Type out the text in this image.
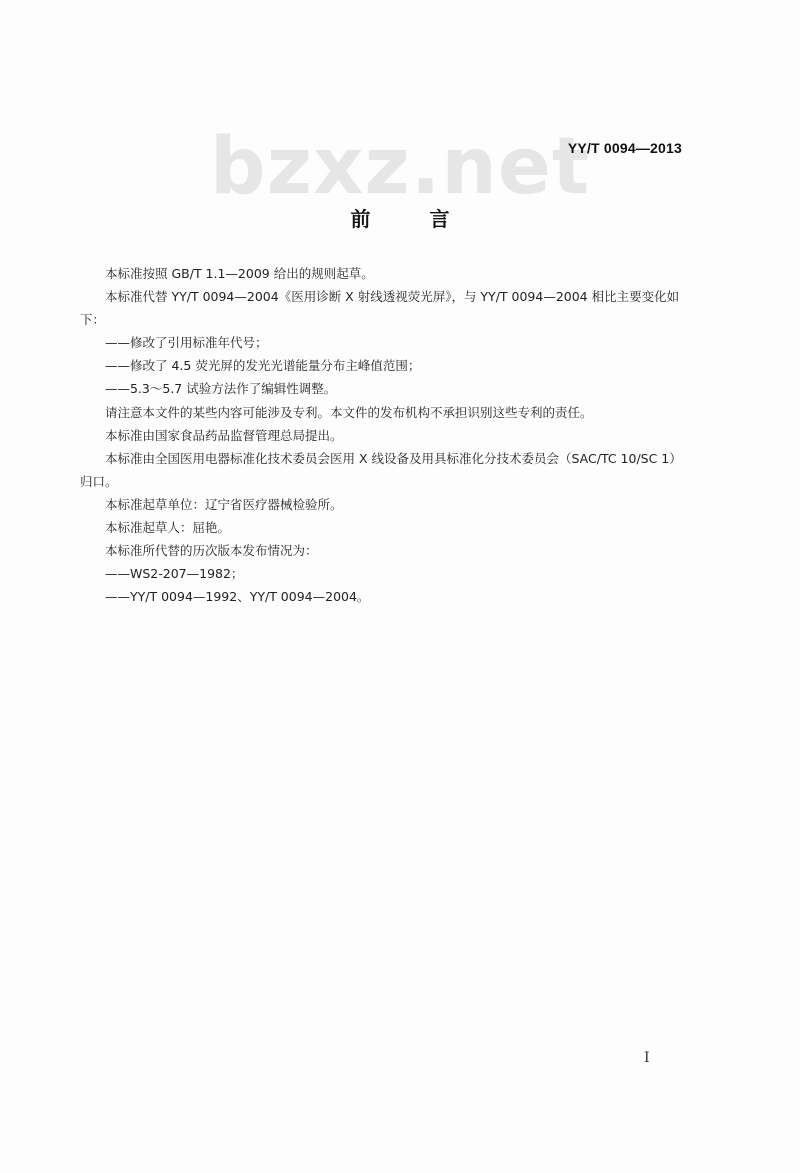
bzxz.net
YY/T 0094—2013
前 言

本标准按照 GB/T 1.1—2009 给出的规则起草。

本标准代替 YY/T 0094—2004《医用诊断 X 射线透视荧光屏》，与 YY/T 0094—2004 相比主要变化如下：

——修改了引用标准年代号；

——修改了 4.5 荧光屏的发光光谱能量分布主峰值范围；

——5.3～5.7 试验方法作了编辑性调整。

请注意本文件的某些内容可能涉及专利。本文件的发布机构不承担识别这些专利的责任。

本标准由国家食品药品监督管理总局提出。

本标准由全国医用电器标准化技术委员会医用 X 线设备及用具标准化分技术委员会（SAC/TC 10/SC 1）归口。

本标准起草单位：辽宁省医疗器械检验所。

本标准起草人：屈艳。

本标准所代替的历次版本发布情况为：

——WS2-207—1982；

——YY/T 0094—1992、YY/T 0094—2004。

I
